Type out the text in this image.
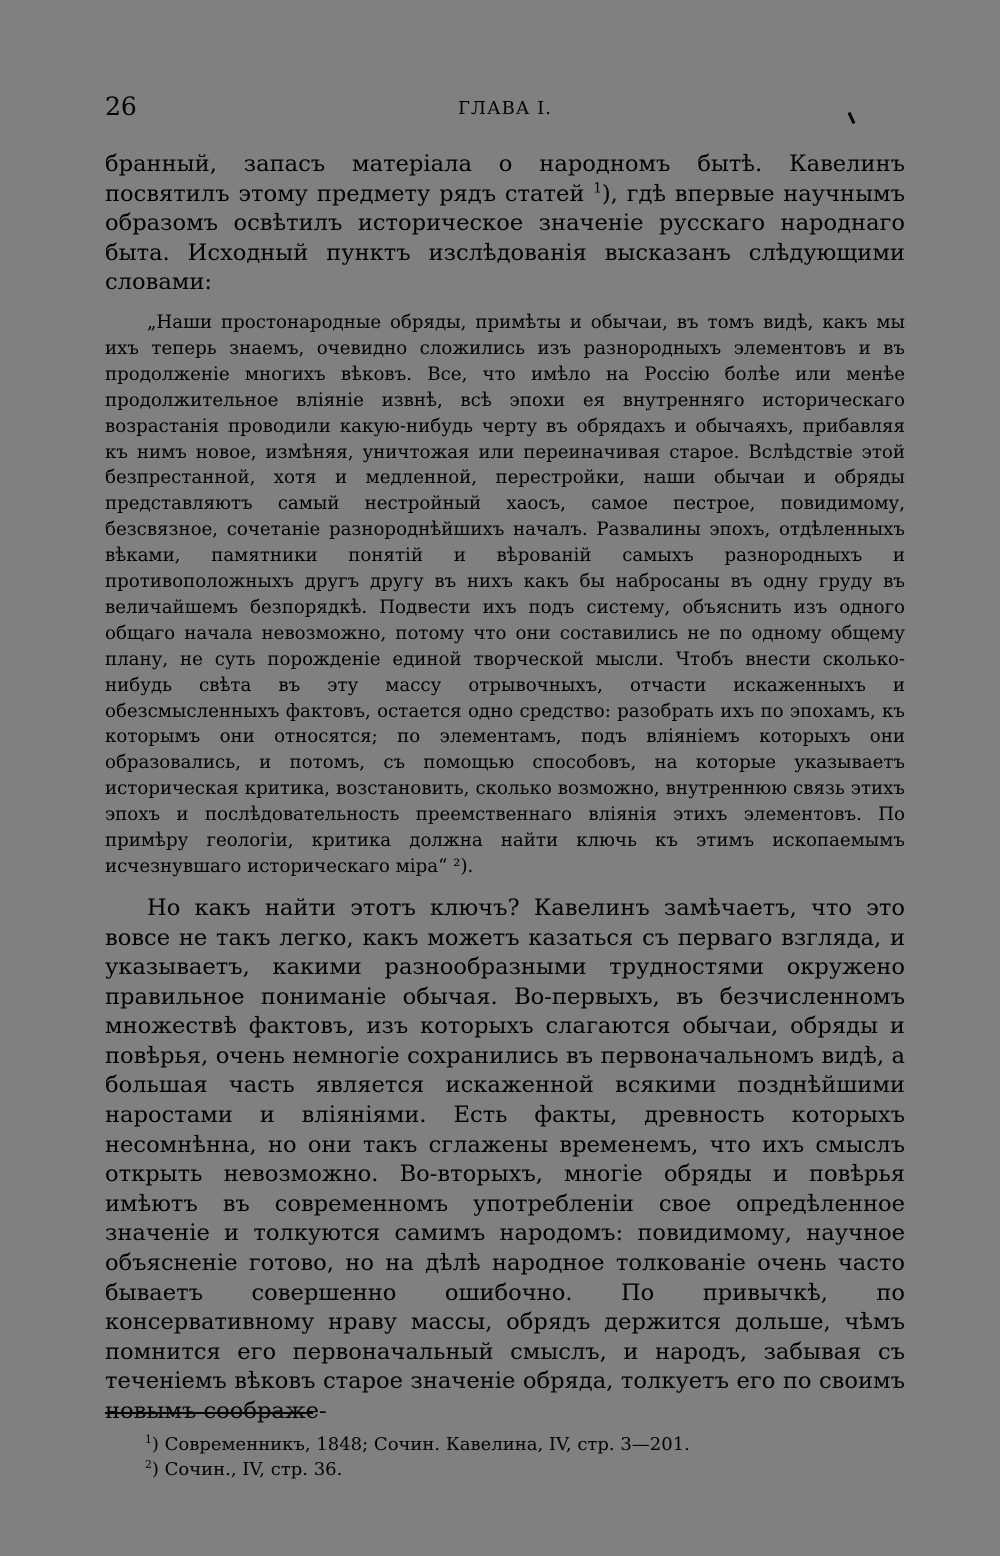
26	ГЛАВА I.

бранный, запасъ матеріала о народномъ бытѣ. Кавелинъ посвятилъ этому предмету рядъ статей $^1$), гдѣ впервые научнымъ образомъ освѣтилъ историческое значеніе русскаго народнаго быта. Исходный пунктъ изслѣдованія высказанъ слѣдующими словами:

„Наши простонародные обряды, примѣты и обычаи, въ томъ видѣ, какъ мы ихъ теперь знаемъ, очевидно сложились изъ разнородныхъ элементовъ и въ продолженіе многихъ вѣковъ. Все, что имѣло на Россію болѣе или менѣе продолжительное вліяніе извнѣ, всѣ эпохи ея внутренняго историческаго возрастанія проводили какую-нибудь черту въ обрядахъ и обычаяхъ, прибавляя къ нимъ новое, измѣняя, уничтожая или переиначивая старое. Вслѣдствіе этой безпрестанной, хотя и медленной, перестройки, наши обычаи и обряды представляютъ самый нестройный хаосъ, самое пестрое, повидимому, безсвязное, сочетаніе разнороднѣйшихъ началъ. Развалины эпохъ, отдѣленныхъ вѣками, памятники понятій и вѣрованій самыхъ разнородныхъ и противоположныхъ другъ другу въ нихъ какъ бы набросаны въ одну груду въ величайшемъ безпорядкѣ. Подвести ихъ подъ систему, объяснить изъ одного общаго начала невозможно, потому что они составились не по одному общему плану, не суть порожденіе единой творческой мысли. Чтобъ внести сколько-нибудь свѣта въ эту массу отрывочныхъ, отчасти искаженныхъ и обезсмысленныхъ фактовъ, остается одно средство: разобрать ихъ по эпохамъ, къ которымъ они относятся; по элементамъ, подъ вліяніемъ которыхъ они образовались, и потомъ, съ помощью способовъ, на которые указываетъ историческая критика, возстановить, сколько возможно, внутреннюю связь этихъ эпохъ и послѣдовательность преемственнаго вліянія этихъ элементовъ. По примѣру геологіи, критика должна найти ключь къ этимъ ископаемымъ исчезнувшаго историческаго міра“ ²).

Но какъ найти этотъ ключъ? Кавелинъ замѣчаетъ, что это вовсе не такъ легко, какъ можетъ казаться съ перваго взгляда, и указываетъ, какими разнообразными трудностями окружено правильное пониманіе обычая. Во-первыхъ, въ безчисленномъ множествѣ фактовъ, изъ которыхъ слагаются обычаи, обряды и повѣрья, очень немногіе сохранились въ первоначальномъ видѣ, а большая часть является искаженной всякими позднѣйшими наростами и вліяніями. Есть факты, древность которыхъ несомнѣнна, но они такъ сглажены временемъ, что ихъ смыслъ открыть невозможно. Во-вторыхъ, многіе обряды и повѣрья имѣютъ въ современномъ употребленіи свое опредѣленное значеніе и толкуются самимъ народомъ: повидимому, научное объясненіе готово, но на дѣлѣ народное толкованіе очень часто бываетъ совершенно ошибочно. По привычкѣ, по консервативному нраву массы, обрядъ держится дольше, чѣмъ помнится его первоначальный смыслъ, и народъ, забывая съ теченіемъ вѣковъ старое значеніе обряда, толкуетъ его по своимъ новымъ соображе-

$^1$) Современникъ, 1848; Сочин. Кавелина, IV, стр. 3—201.
$^2$) Сочин., IV, стр. 36.
